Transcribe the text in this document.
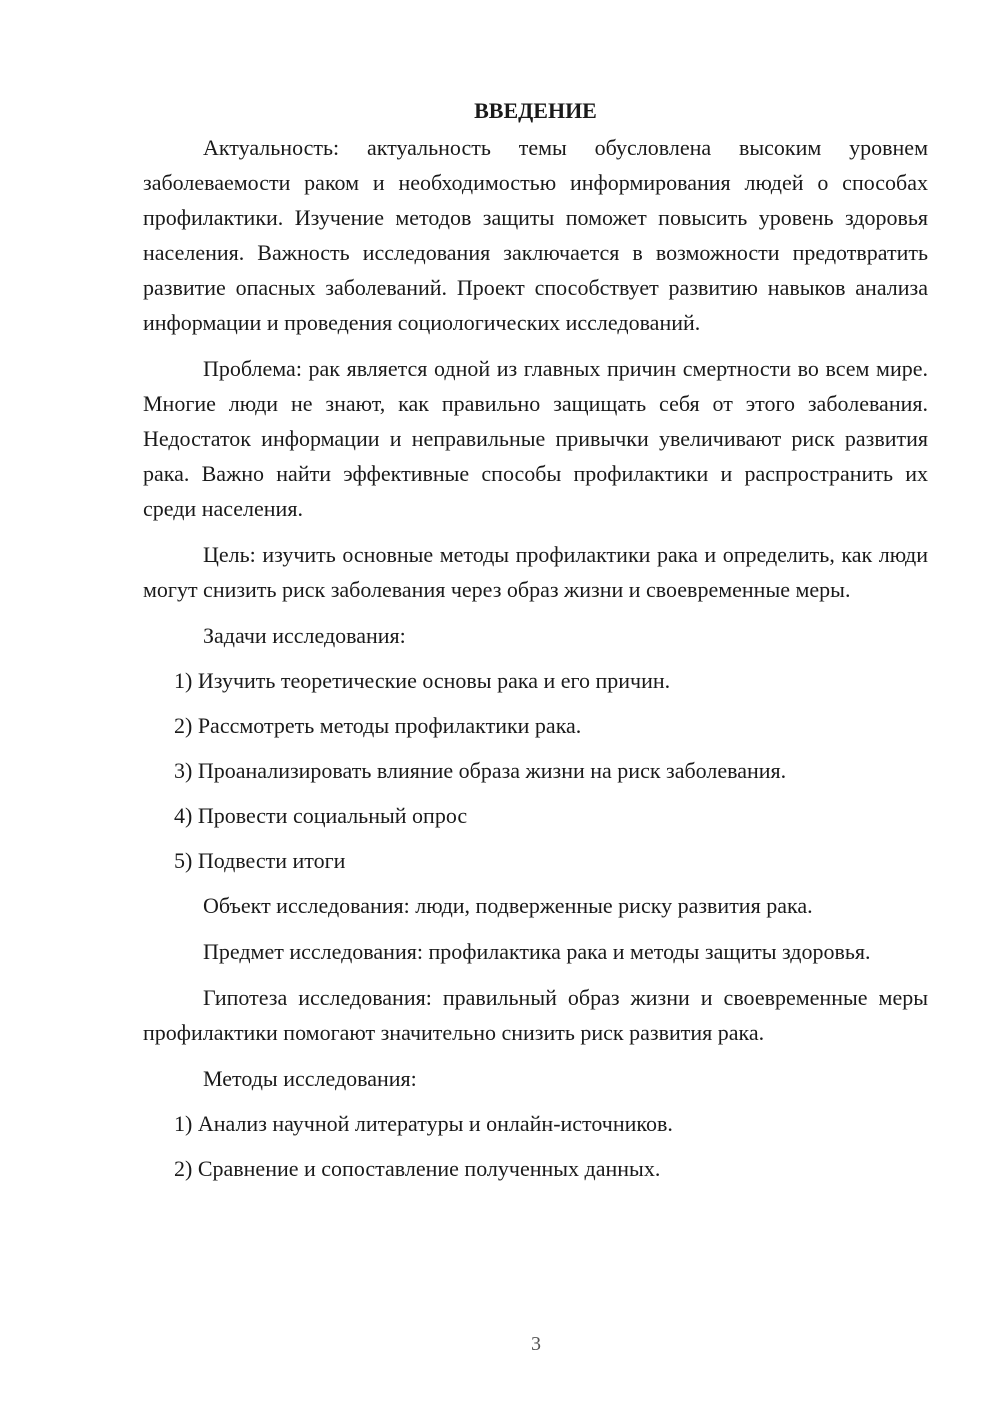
ВВЕДЕНИЕ

Актуальность: актуальность темы обусловлена высоким уровнем заболеваемости раком и необходимостью информирования людей о способах профилактики. Изучение методов защиты поможет повысить уровень здоровья населения. Важность исследования заключается в возможности предотвратить развитие опасных заболеваний. Проект способствует развитию навыков анализа информации и проведения социологических исследований.

Проблема: рак является одной из главных причин смертности во всем мире. Многие люди не знают, как правильно защищать себя от этого заболевания. Недостаток информации и неправильные привычки увеличивают риск развития рака. Важно найти эффективные способы профилактики и распространить их среди населения.

Цель: изучить основные методы профилактики рака и определить, как люди могут снизить риск заболевания через образ жизни и своевременные меры.

Задачи исследования:

1) Изучить теоретические основы рака и его причин.
2) Рассмотреть методы профилактики рака.
3) Проанализировать влияние образа жизни на риск заболевания.
4) Провести социальный опрос
5) Подвести итоги

Объект исследования: люди, подверженные риску развития рака.

Предмет исследования: профилактика рака и методы защиты здоровья.

Гипотеза исследования: правильный образ жизни и своевременные меры профилактики помогают значительно снизить риск развития рака.

Методы исследования:

1) Анализ научной литературы и онлайн-источников.
2) Сравнение и сопоставление полученных данных.
3
